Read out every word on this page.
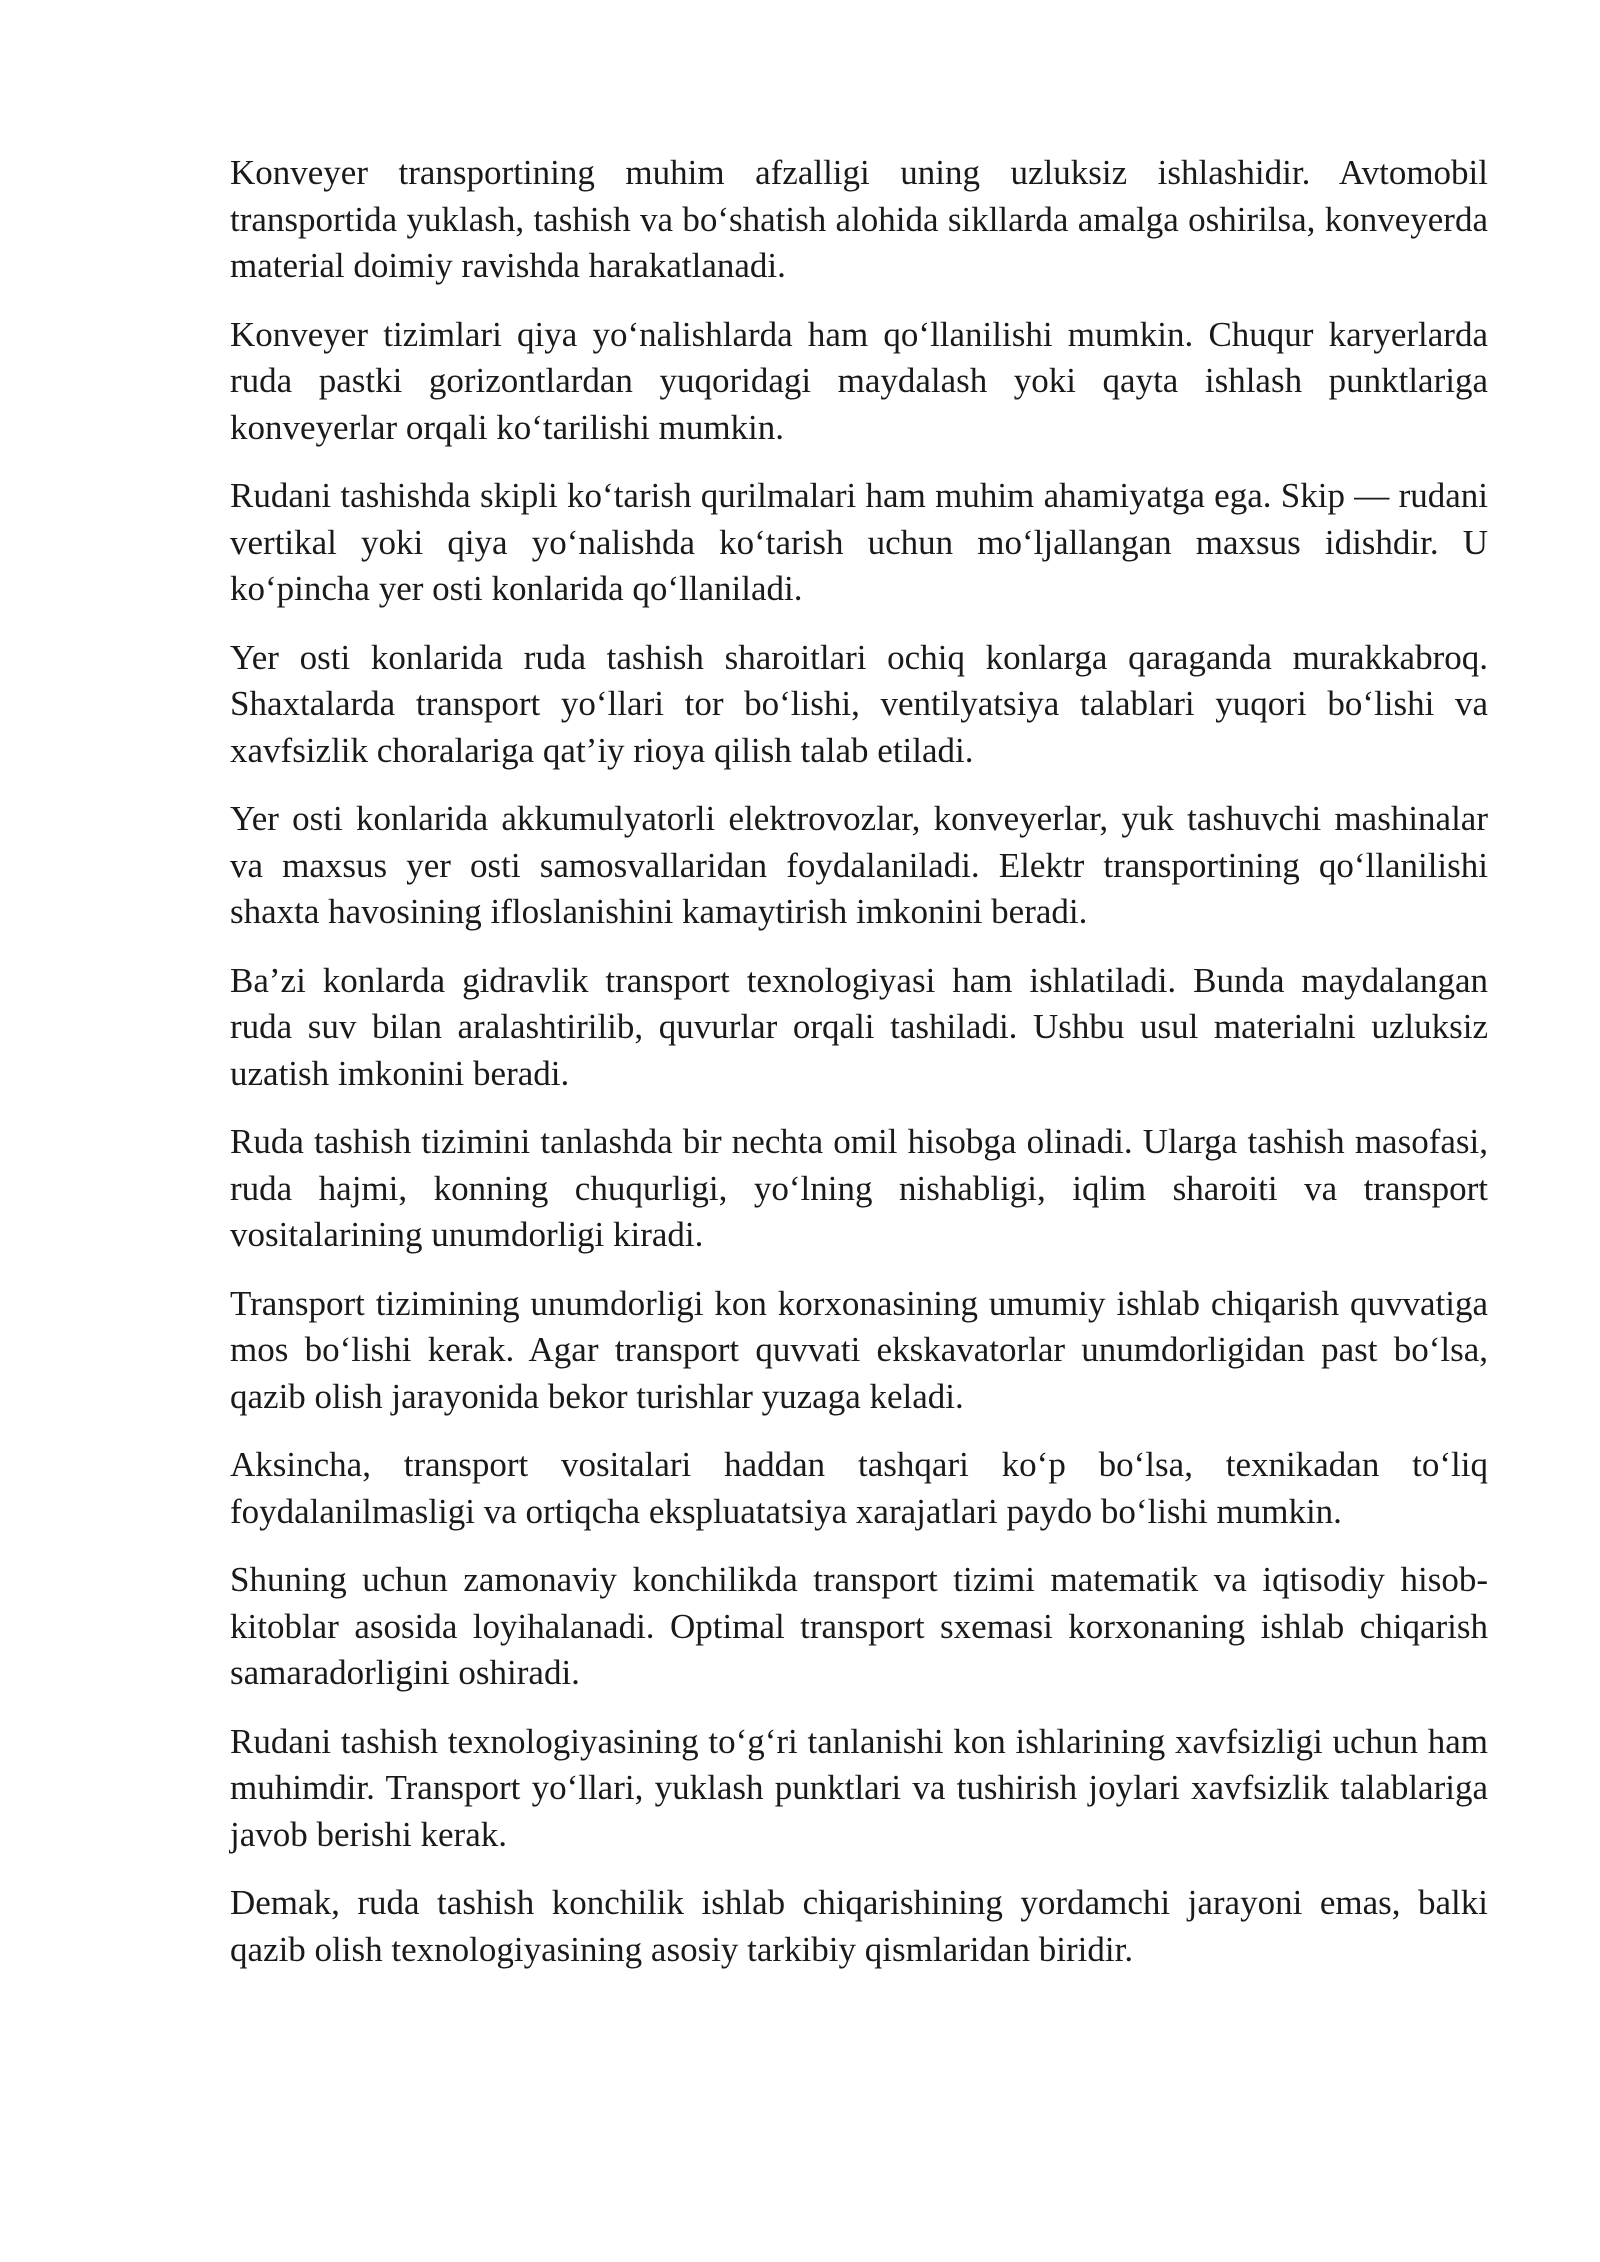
Konveyer transportining muhim afzalligi uning uzluksiz ishlashidir. Avtomobil transportida yuklash, tashish va bo‘shatish alohida sikllarda amalga oshirilsa, konveyerda material doimiy ravishda harakatlanadi.

Konveyer tizimlari qiya yo‘nalishlarda ham qo‘llanilishi mumkin. Chuqur karyerlarda ruda pastki gorizontlardan yuqoridagi maydalash yoki qayta ishlash punktlariga konveyerlar orqali ko‘tarilishi mumkin.

Rudani tashishda skipli ko‘tarish qurilmalari ham muhim ahamiyatga ega. Skip — rudani vertikal yoki qiya yo‘nalishda ko‘tarish uchun mo‘ljallangan maxsus idishdir. U ko‘pincha yer osti konlarida qo‘llaniladi.

Yer osti konlarida ruda tashish sharoitlari ochiq konlarga qaraganda murakkabroq. Shaxtalarda transport yo‘llari tor bo‘lishi, ventilyatsiya talablari yuqori bo‘lishi va xavfsizlik choralariga qat’iy rioya qilish talab etiladi.

Yer osti konlarida akkumulyatorli elektrovozlar, konveyerlar, yuk tashuvchi mashinalar va maxsus yer osti samosvallaridan foydalaniladi. Elektr transportining qo‘llanilishi shaxta havosining ifloslanishini kamaytirish imkonini beradi.

Ba’zi konlarda gidravlik transport texnologiyasi ham ishlatiladi. Bunda maydalangan ruda suv bilan aralashtirilib, quvurlar orqali tashiladi. Ushbu usul materialni uzluksiz uzatish imkonini beradi.

Ruda tashish tizimini tanlashda bir nechta omil hisobga olinadi. Ularga tashish masofasi, ruda hajmi, konning chuqurligi, yo‘lning nishabligi, iqlim sharoiti va transport vositalarining unumdorligi kiradi.

Transport tizimining unumdorligi kon korxonasining umumiy ishlab chiqarish quvvatiga mos bo‘lishi kerak. Agar transport quvvati ekskavatorlar unumdorligidan past bo‘lsa, qazib olish jarayonida bekor turishlar yuzaga keladi.

Aksincha, transport vositalari haddan tashqari ko‘p bo‘lsa, texnikadan to‘liq foydalanilmasligi va ortiqcha ekspluatatsiya xarajatlari paydo bo‘lishi mumkin.

Shuning uchun zamonaviy konchilikda transport tizimi matematik va iqtisodiy hisob-kitoblar asosida loyihalanadi. Optimal transport sxemasi korxonaning ishlab chiqarish samaradorligini oshiradi.

Rudani tashish texnologiyasining to‘g‘ri tanlanishi kon ishlarining xavfsizligi uchun ham muhimdir. Transport yo‘llari, yuklash punktlari va tushirish joylari xavfsizlik talablariga javob berishi kerak.

Demak, ruda tashish konchilik ishlab chiqarishining yordamchi jarayoni emas, balki qazib olish texnologiyasining asosiy tarkibiy qismlaridan biridir.
